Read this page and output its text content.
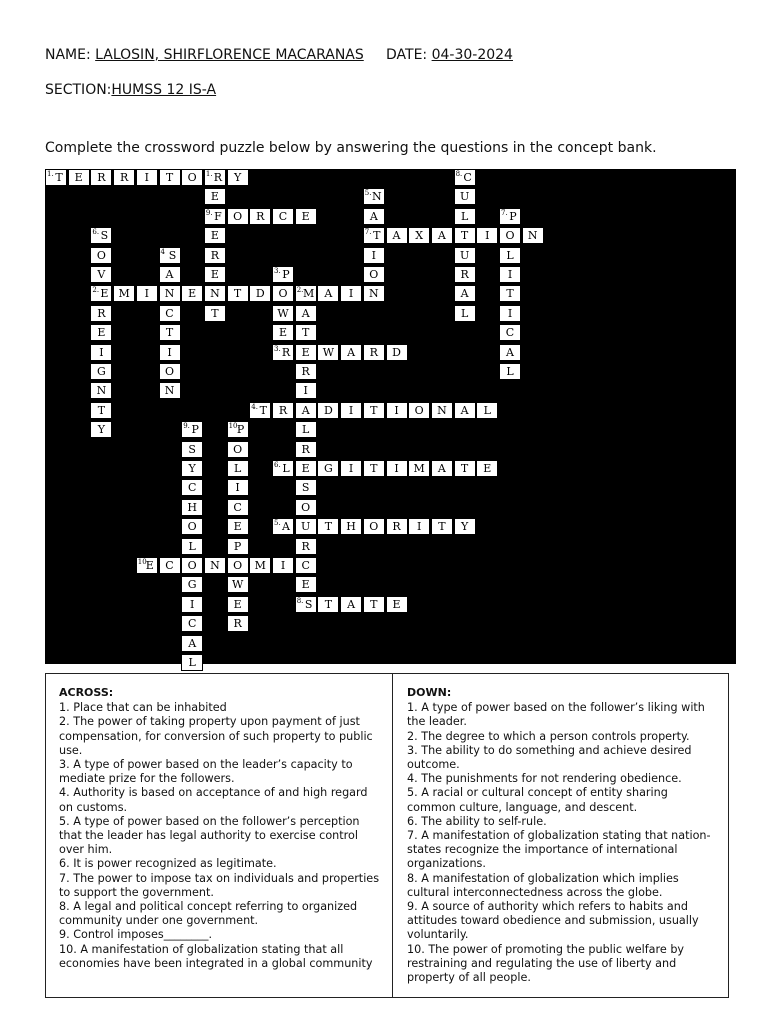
NAME: LALOSIN, SHIRFLORENCE MACARANAS DATE: 04-30-2024
SECTION:HUMSS 12 IS-A
Complete the crossword puzzle below by answering the questions in the concept bank.
1. T	E	R	R	I	T	O	1. R	Y	8. C
E	5. N	U
9. F	O	R	C	E	A	L	7. P
6. S	E	7. T	A	X	A	T	I	O	N
O	4 S	R	I	U	L
V	A	E	3. P	O	R	I
2. E M	I	N	E	N	T	D	O	2. M A	I	N	A	T
R	C	T	W	A	L	I
E	T	E	T	C
I	I	3. R	E	W	A	R	D	A
G	O	R	L
N	N	I
T	4. T	R	A	D	I	T	I	O	N	A	L
Y	9. P	10.
P	L
S	O	R
Y	L	6. L	E	G	I	T	I	M	A	T	E
C	I	S
H	C	O
O	E	5. A	U	T	H	O	R	I	T	Y
L	P	R
10.
E	C	O	N	O	M	I	C
G	W	E
I	E	8. S	T	A	T	E
C	R
A
L
ACROSS:

1. Place that can be inhabited

2. The power of taking property upon payment of just compensation, for conversion of such property to public use.

3. A type of power based on the leader’s capacity to mediate prize for the followers.

4. Authority is based on acceptance of and high regard on customs.

5. A type of power based on the follower’s perception that the leader has legal authority to exercise control over him.

6. It is power recognized as legitimate.

7. The power to impose tax on individuals and properties to support the government.

8. A legal and political concept referring to organized community under one government.

9. Control imposes________.

10. A manifestation of globalization stating that all economies have been integrated in a global community

DOWN:

1. A type of power based on the follower’s liking with the leader.

2. The degree to which a person controls property.

3. The ability to do something and achieve desired outcome.

4. The punishments for not rendering obedience.

5. A racial or cultural concept of entity sharing common culture, language, and descent.

6. The ability to self-rule.

7. A manifestation of globalization stating that nation-states recognize the importance of international organizations.

8. A manifestation of globalization which implies cultural interconnectedness across the globe.

9. A source of authority which refers to habits and attitudes toward obedience and submission, usually voluntarily.

10. The power of promoting the public welfare by restraining and regulating the use of liberty and property of all people.
